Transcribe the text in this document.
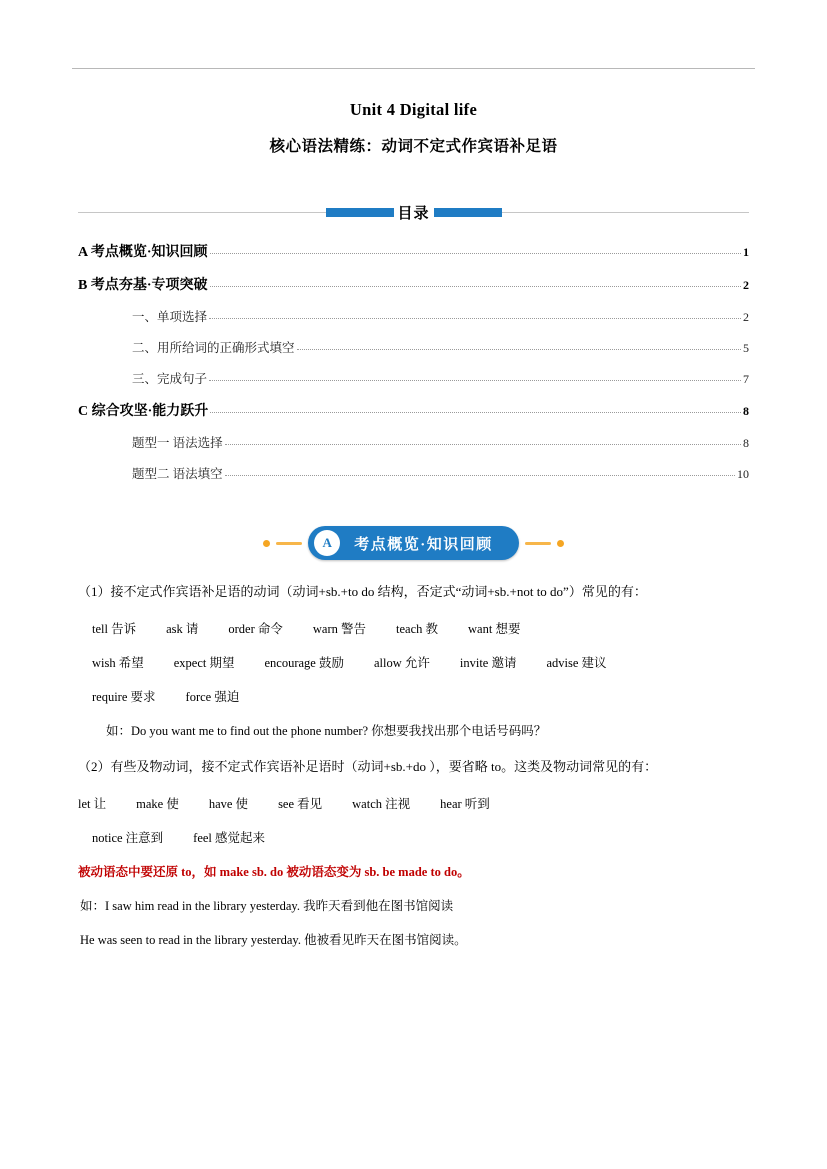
Unit 4 Digital life
核心语法精练：动词不定式作宾语补足语
目录
A 考点概览·知识回顾	1
B 考点夯基·专项突破	2
一、单项选择	2
二、用所给词的正确形式填空	5
三、完成句子	7
C 综合攻坚·能力跃升	8
题型一 语法选择	8
题型二 语法填空	10
A	考点概览·知识回顾

（1）接不定式作宾语补足语的动词（动词+sb.+to do 结构，否定式“动词+sb.+not to do”）常见的有：

tell 告诉 ask 请 order 命令 warn 警告 teach 教 want 想要
wish 希望 expect 期望 encourage 鼓励 allow 允许 invite 邀请 advise 建议
require 要求 force 强迫

如：Do you want me to find out the phone number? 你想要我找出那个电话号码吗？

（2）有些及物动词，接不定式作宾语补足语时（动词+sb.+do ），要省略 to。这类及物动词常见的有：

let 让 make 使 have 使 see 看见 watch 注视 hear 听到
notice 注意到 feel 感觉起来

被动语态中要还原 to，如 make sb. do 被动语态变为 sb. be made to do。

如：I saw him read in the library yesterday. 我昨天看到他在图书馆阅读

He was seen to read in the library yesterday. 他被看见昨天在图书馆阅读。
